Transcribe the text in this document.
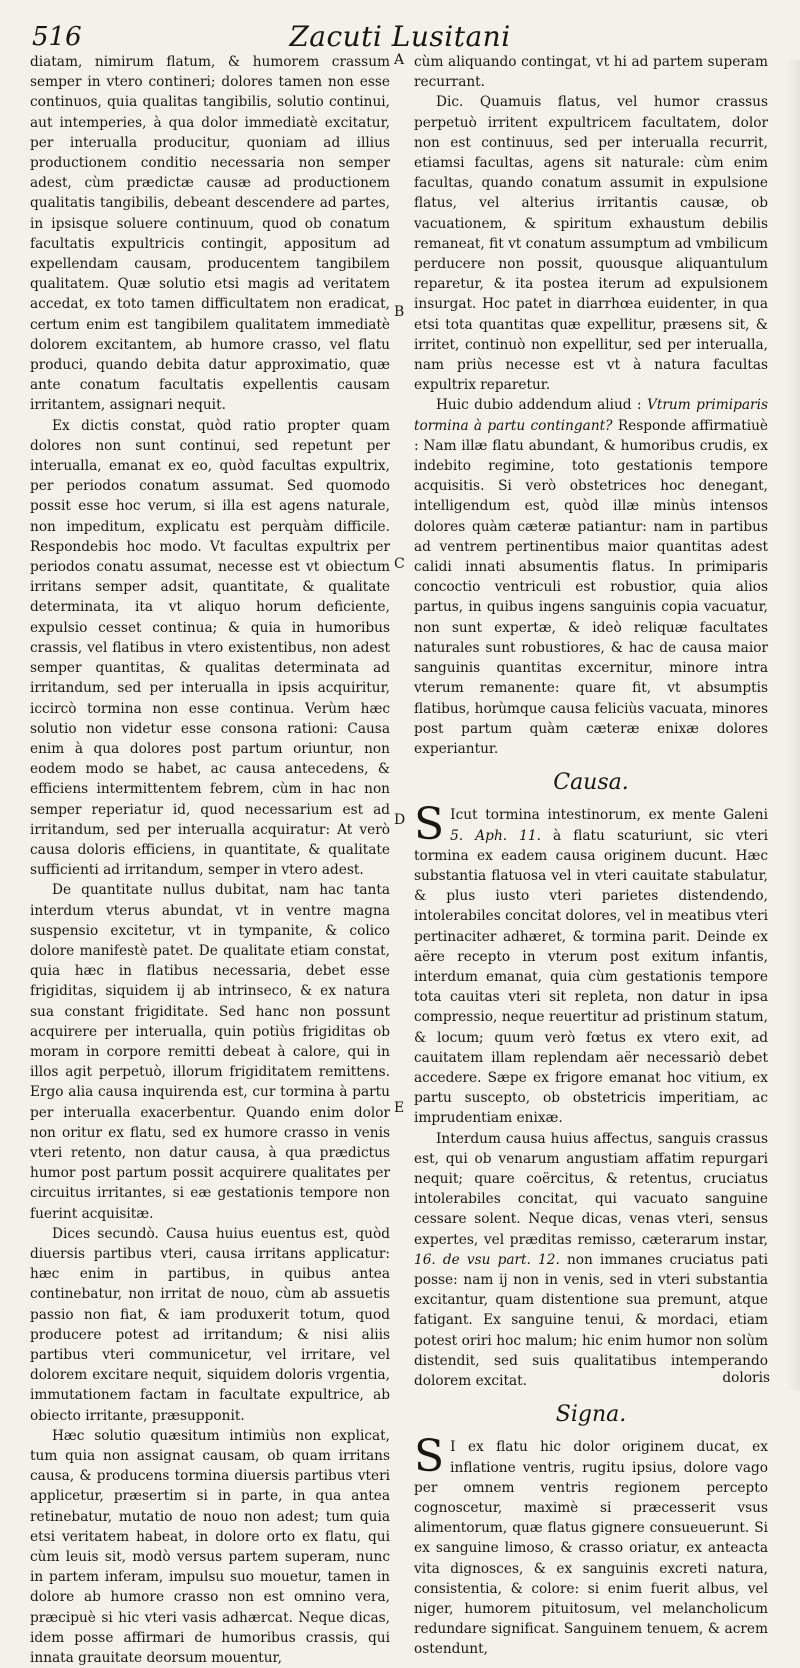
516	Zacuti Lusitani
A
B
C
D
E

diatam, nimirum flatum, & humorem crassum semper in vtero contineri; dolores tamen non esse continuos, quia qualitas tangibilis, solutio continui, aut intemperies, à qua dolor immediatè excitatur, per interualla producitur, quoniam ad illius productionem conditio necessaria non semper adest, cùm prædictæ causæ ad productionem qualitatis tangibilis, debeant descendere ad partes, in ipsisque soluere continuum, quod ob conatum facultatis expultricis contingit, appositum ad expellendam causam, producentem tangibilem qualitatem. Quæ solutio etsi magis ad veritatem accedat, ex toto tamen difficultatem non eradicat, certum enim est tangibilem qualitatem immediatè dolorem excitantem, ab humore crasso, vel flatu produci, quando debita datur approximatio, quæ ante conatum facultatis expellentis causam irritantem, assignari nequit.

Ex dictis constat, quòd ratio propter quam dolores non sunt continui, sed repetunt per interualla, emanat ex eo, quòd facultas expultrix, per periodos conatum assumat. Sed quomodo possit esse hoc verum, si illa est agens naturale, non impeditum, explicatu est perquàm difficile. Respondebis hoc modo. Vt facultas expultrix per periodos conatu assumat, necesse est vt obiectum irritans semper adsit, quantitate, & qualitate determinata, ita vt aliquo horum deficiente, expulsio cesset continua; & quia in humoribus crassis, vel flatibus in vtero existentibus, non adest semper quantitas, & qualitas determinata ad irritandum, sed per interualla in ipsis acquiritur, iccircò tormina non esse continua. Verùm hæc solutio non videtur esse consona rationi: Causa enim à qua dolores post partum oriuntur, non eodem modo se habet, ac causa antecedens, & efficiens intermittentem febrem, cùm in hac non semper reperiatur id, quod necessarium est ad irritandum, sed per interualla acquiratur: At verò causa doloris efficiens, in quantitate, & qualitate sufficienti ad irritandum, semper in vtero adest.

De quantitate nullus dubitat, nam hac tanta interdum vterus abundat, vt in ventre magna suspensio excitetur, vt in tympanite, & colico dolore manifestè patet. De qualitate etiam constat, quia hæc in flatibus necessaria, debet esse frigiditas, siquidem ij ab intrinseco, & ex natura sua constant frigiditate. Sed hanc non possunt acquirere per interualla, quin potiùs frigiditas ob moram in corpore remitti debeat à calore, qui in illos agit perpetuò, illorum frigiditatem remittens. Ergo alia causa inquirenda est, cur tormina à partu per interualla exacerbentur. Quando enim dolor non oritur ex flatu, sed ex humore crasso in venis vteri retento, non datur causa, à qua prædictus humor post partum possit acquirere qualitates per circuitus irritantes, si eæ gestationis tempore non fuerint acquisitæ.

Dices secundò. Causa huius euentus est, quòd diuersis partibus vteri, causa irritans applicatur: hæc enim in partibus, in quibus antea continebatur, non irritat de nouo, cùm ab assuetis passio non fiat, & iam produxerit totum, quod producere potest ad irritandum; & nisi aliis partibus vteri communicetur, vel irritare, vel dolorem excitare nequit, siquidem doloris vrgentia, immutationem factam in facultate expultrice, ab obiecto irritante, præsupponit.

Hæc solutio quæsitum intimiùs non explicat, tum quia non assignat causam, ob quam irritans causa, & producens tormina diuersis partibus vteri applicetur, præsertim si in parte, in qua antea retinebatur, mutatio de nouo non adest; tum quia etsi veritatem habeat, in dolore orto ex flatu, qui cùm leuis sit, modò versus partem superam, nunc in partem inferam, impulsu suo mouetur, tamen in dolore ab humore crasso non est omnino vera, præcipuè si hic vteri vasis adhærcat. Neque dicas, idem posse affirmari de humoribus crassis, qui innata grauitate deorsum mouentur,

cùm aliquando contingat, vt hi ad partem superam recurrant.

Dic. Quamuis flatus, vel humor crassus perpetuò irritent expultricem facultatem, dolor non est continuus, sed per interualla recurrit, etiamsi facultas, agens sit naturale: cùm enim facultas, quando conatum assumit in expulsione flatus, vel alterius irritantis causæ, ob vacuationem, & spiritum exhaustum debilis remaneat, fit vt conatum assumptum ad vmbilicum perducere non possit, quousque aliquantulum reparetur, & ita postea iterum ad expulsionem insurgat. Hoc patet in diarrhœa euidenter, in qua etsi tota quantitas quæ expellitur, præsens sit, & irritet, continuò non expellitur, sed per interualla, nam priùs necesse est vt à natura facultas expultrix reparetur.

Huic dubio addendum aliud : Vtrum primiparis tormina à partu contingant? Responde affirmatiuè : Nam illæ flatu abundant, & humoribus crudis, ex indebito regimine, toto gestationis tempore acquisitis. Si verò obstetrices hoc denegant, intelligendum est, quòd illæ minùs intensos dolores quàm cæteræ patiantur: nam in partibus ad ventrem pertinentibus maior quantitas adest calidi innati absumentis flatus. In primiparis concoctio ventriculi est robustior, quia alios partus, in quibus ingens sanguinis copia vacuatur, non sunt expertæ, & ideò reliquæ facultates naturales sunt robustiores, & hac de causa maior sanguinis quantitas excernitur, minore intra vterum remanente: quare fit, vt absumptis flatibus, horùmque causa feliciùs vacuata, minores post partum quàm cæteræ enixæ dolores experiantur.

Causa.

S Icut tormina intestinorum, ex mente Galeni 5. Aph. 11. à flatu scaturiunt, sic vteri tormina ex eadem causa originem ducunt. Hæc substantia flatuosa vel in vteri cauitate stabulatur, & plus iusto vteri parietes distendendo, intolerabiles concitat dolores, vel in meatibus vteri pertinaciter adhæret, & tormina parit. Deinde ex aëre recepto in vterum post exitum infantis, interdum emanat, quia cùm gestationis tempore tota cauitas vteri sit repleta, non datur in ipsa compressio, neque reuertitur ad pristinum statum, & locum; quum verò fœtus ex vtero exit, ad cauitatem illam replendam aër necessariò debet accedere. Sæpe ex frigore emanat hoc vitium, ex partu suscepto, ob obstetricis imperitiam, ac imprudentiam enixæ.

Interdum causa huius affectus, sanguis crassus est, qui ob venarum angustiam affatim repurgari nequit; quare coërcitus, & retentus, cruciatus intolerabiles concitat, qui vacuato sanguine cessare solent. Neque dicas, venas vteri, sensus expertes, vel præditas remisso, cæterarum instar, 16. de vsu part. 12. non immanes cruciatus pati posse: nam ij non in venis, sed in vteri substantia excitantur, quam distentione sua premunt, atque fatigant. Ex sanguine tenui, & mordaci, etiam potest oriri hoc malum; hic enim humor non solùm distendit, sed suis qualitatibus intemperando dolorem excitat.

Signa.

S I ex flatu hic dolor originem ducat, ex inflatione ventris, rugitu ipsius, dolore vago per omnem ventris regionem percepto cognoscetur, maximè si præcesserit vsus alimentorum, quæ flatus gignere consueuerunt. Si ex sanguine limoso, & crasso oriatur, ex anteacta vita dignosces, & ex sanguinis excreti natura, consistentia, & colore: si enim fuerit albus, vel niger, humorem pituitosum, vel melancholicum redundare significat. Sanguinem tenuem, & acrem ostendunt,

doloris
